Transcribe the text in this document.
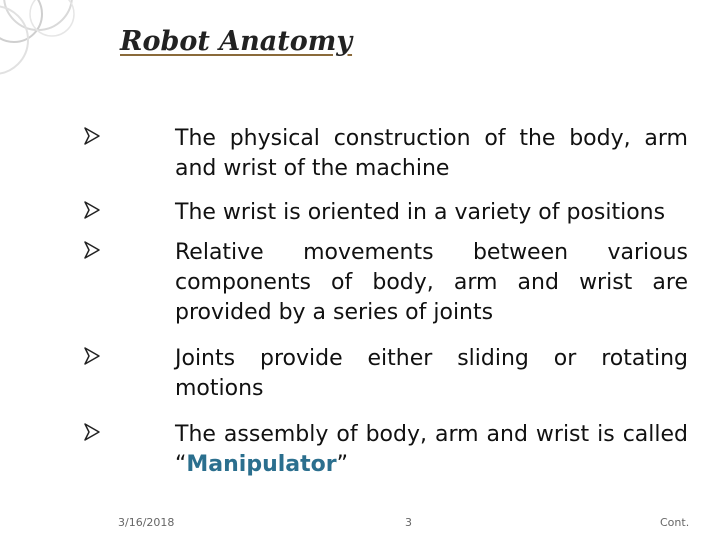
Robot Anatomy
The physical construction of the body, arm and wrist of the machine
The wrist is oriented in a variety of positions
Relative movements between various components of body, arm and wrist are provided by a series of joints
Joints provide either sliding or rotating motions
The assembly of body, arm and wrist is called “Manipulator”
3/16/2018	3	Cont.
